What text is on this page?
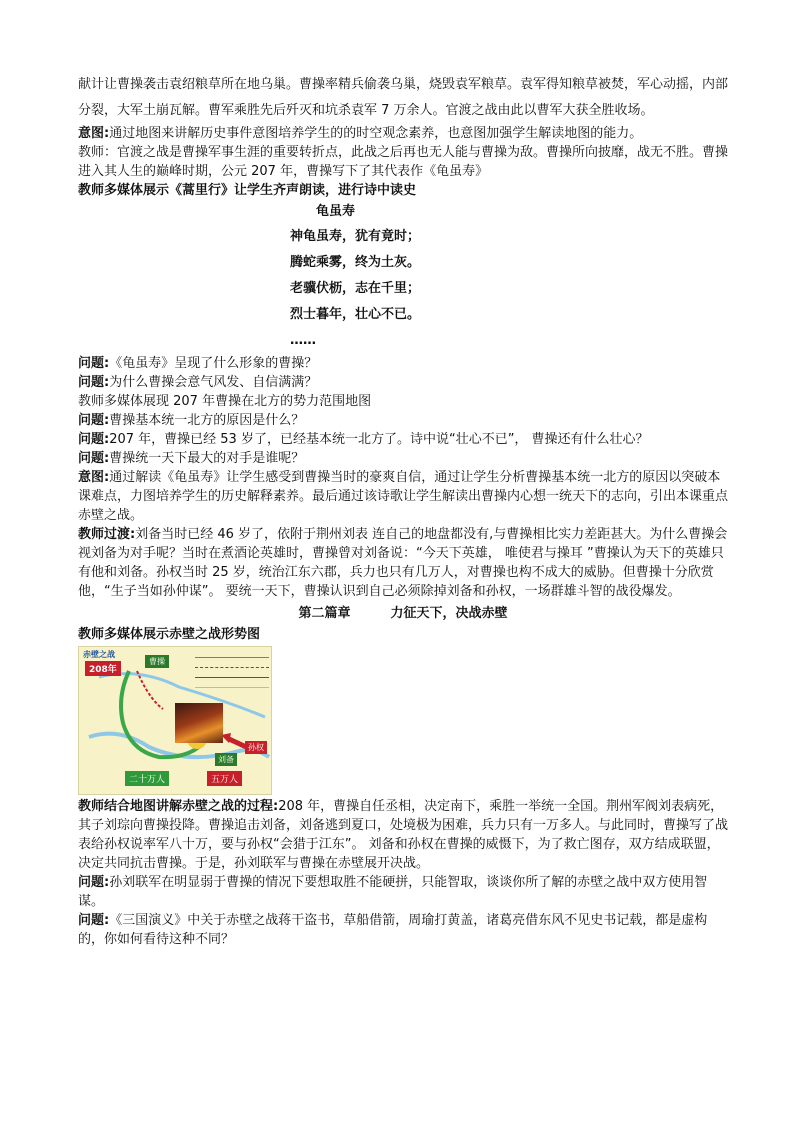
献计让曹操袭击袁绍粮草所在地乌巢。曹操率精兵偷袭乌巢，烧毁袁军粮草。袁军得知粮草被焚，军心动摇，内部分裂，大军土崩瓦解。曹军乘胜先后歼灭和坑杀袁军 7 万余人。官渡之战由此以曹军大获全胜收场。

意图:通过地图来讲解历史事件意图培养学生的的时空观念素养，也意图加强学生解读地图的能力。

教师：官渡之战是曹操军事生涯的重要转折点，此战之后再也无人能与曹操为敌。曹操所向披靡，战无不胜。曹操进入其人生的巅峰时期，公元 207 年，曹操写下了其代表作《龟虽寿》

教师多媒体展示《蒿里行》让学生齐声朗读，进行诗中读史

龟虽寿

神龟虽寿，犹有竟时；

腾蛇乘雾，终为土灰。

老骥伏枥，志在千里；

烈士暮年，壮心不已。

……

问题:《龟虽寿》呈现了什么形象的曹操？

问题:为什么曹操会意气风发、自信满满？

教师多媒体展现 207 年曹操在北方的势力范围地图

问题:曹操基本统一北方的原因是什么？

问题:207 年，曹操已经 53 岁了，已经基本统一北方了。诗中说“壮心不已”， 曹操还有什么壮心？

问题:曹操统一天下最大的对手是谁呢？

意图:通过解读《龟虽寿》让学生感受到曹操当时的豪爽自信，通过让学生分析曹操基本统一北方的原因以突破本课难点，力图培养学生的历史解释素养。最后通过该诗歌让学生解读出曹操内心想一统天下的志向，引出本课重点赤壁之战。

教师过渡:刘备当时已经 46 岁了，依附于荆州刘表 连自己的地盘都没有,与曹操相比实力差距甚大。为什么曹操会视刘备为对手呢？当时在煮酒论英雄时，曹操曾对刘备说：“今天下英雄， 唯使君与操耳 ”曹操认为天下的英雄只有他和刘备。孙权当时 25 岁，统治江东六郡，兵力也只有几万人，对曹操也构不成大的威胁。但曹操十分欣赏他，“生子当如孙仲谋”。 要统一天下，曹操认识到自己必须除掉刘备和孙权，一场群雄斗智的战役爆发。

第二篇章	力征天下，决战赤壁

教师多媒体展示赤壁之战形势图

赤壁之战
208年
曹操
刘备
孙权
二十万人	五万人

教师结合地图讲解赤壁之战的过程:208 年，曹操自任丞相，决定南下，乘胜一举统一全国。荆州军阀刘表病死，其子刘琮向曹操投降。曹操追击刘备，刘备逃到夏口，处境极为困难，兵力只有一万多人。与此同时，曹操写了战表给孙权说率军八十万，要与孙权“会猎于江东”。 刘备和孙权在曹操的威慑下，为了救亡图存，双方结成联盟，决定共同抗击曹操。于是，孙刘联军与曹操在赤壁展开决战。

问题:孙刘联军在明显弱于曹操的情况下要想取胜不能硬拼，只能智取，谈谈你所了解的赤壁之战中双方使用智谋。

问题:《三国演义》中关于赤壁之战蒋干盗书，草船借箭，周瑜打黄盖，诸葛亮借东风不见史书记载，都是虚构的，你如何看待这种不同？
